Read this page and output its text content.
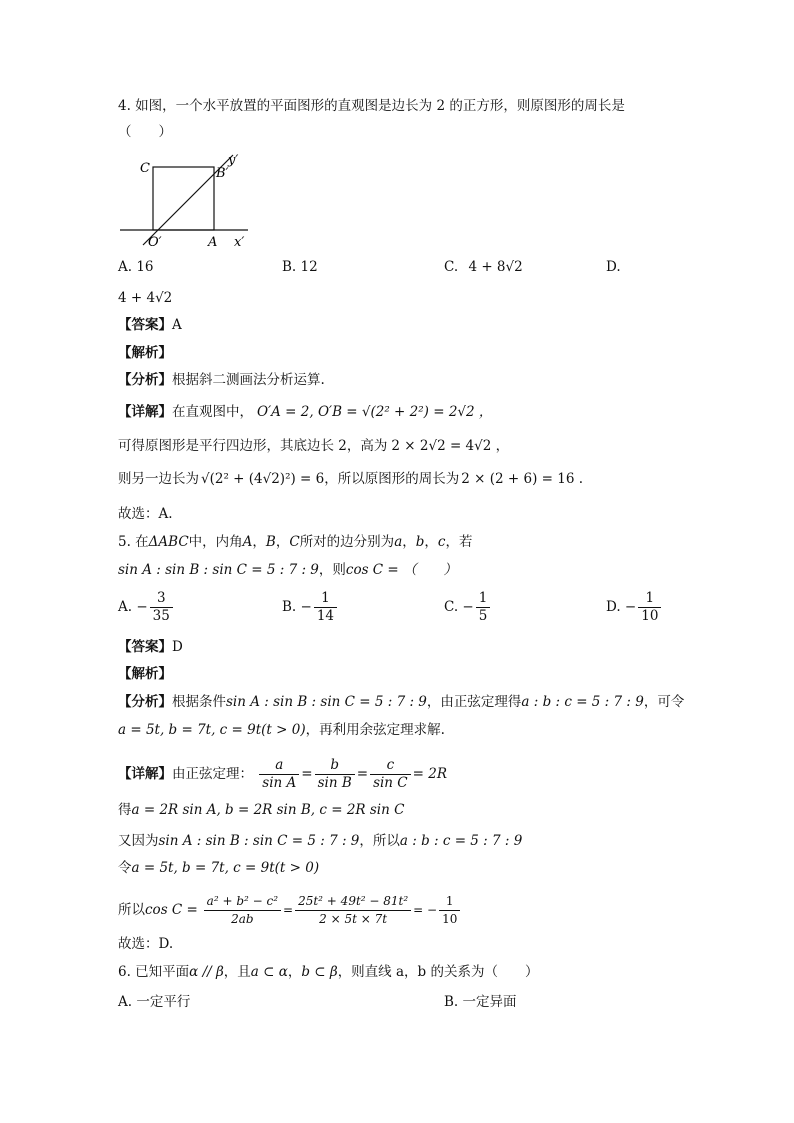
4. 如图，一个水平放置的平面图形的直观图是边长为 2 的正方形，则原图形的周长是
（　　）
C	B′
y′
O′	A x′
A. 16	B. 12	C. 4 + 8√2	D.
4 + 4√2
【答案】A
【解析】
【分析】根据斜二测画法分析运算.
【详解】在直观图中， O′A = 2, O′B = √(2² + 2²) = 2√2 ，
可得原图形是平行四边形，其底边长 2，高为 2 × 2√2 = 4√2 ，
则另一边长为 √(2² + (4√2)²) = 6，所以原图形的周长为 2 × (2 + 6) = 16 .
故选：A.
5. 在ΔABC中，内角A，B，C所对的边分别为a，b，c，若
sin A : sin B : sin C = 5 : 7 : 9，则cos C = （　　）
A. − $\frac{3}{35}$	B. − $\frac{1}{14}$	C. − $\frac{1}{5}$	D. − $\frac{1}{10}$
【答案】D
【解析】
【分析】根据条件sin A : sin B : sin C = 5 : 7 : 9，由正弦定理得a : b : c = 5 : 7 : 9，可令
a = 5t, b = 7t, c = 9t(t > 0)，再利用余弦定理求解.
【详解】由正弦定理： $\frac{a}{\text{sin A}} = \frac{b}{\text{sin B}} = \frac{c}{\text{sin C}} = 2R$
得a = 2R sin A, b = 2R sin B, c = 2R sin C
又因为sin A : sin B : sin C = 5 : 7 : 9，所以a : b : c = 5 : 7 : 9
令a = 5t, b = 7t, c = 9t(t > 0)
所以$\cos C = \frac{\text{a² + b² − c²}}{2ab} = \frac{\text{25t² + 49t² − 81t²}}{2 \times 5t \times 7t}$ = − $\frac{1}{10}$
故选：D.
6. 已知平面α // β，且a ⊂ α，b ⊂ β，则直线 a，b 的关系为（　　）
A. 一定平行	B. 一定异面
